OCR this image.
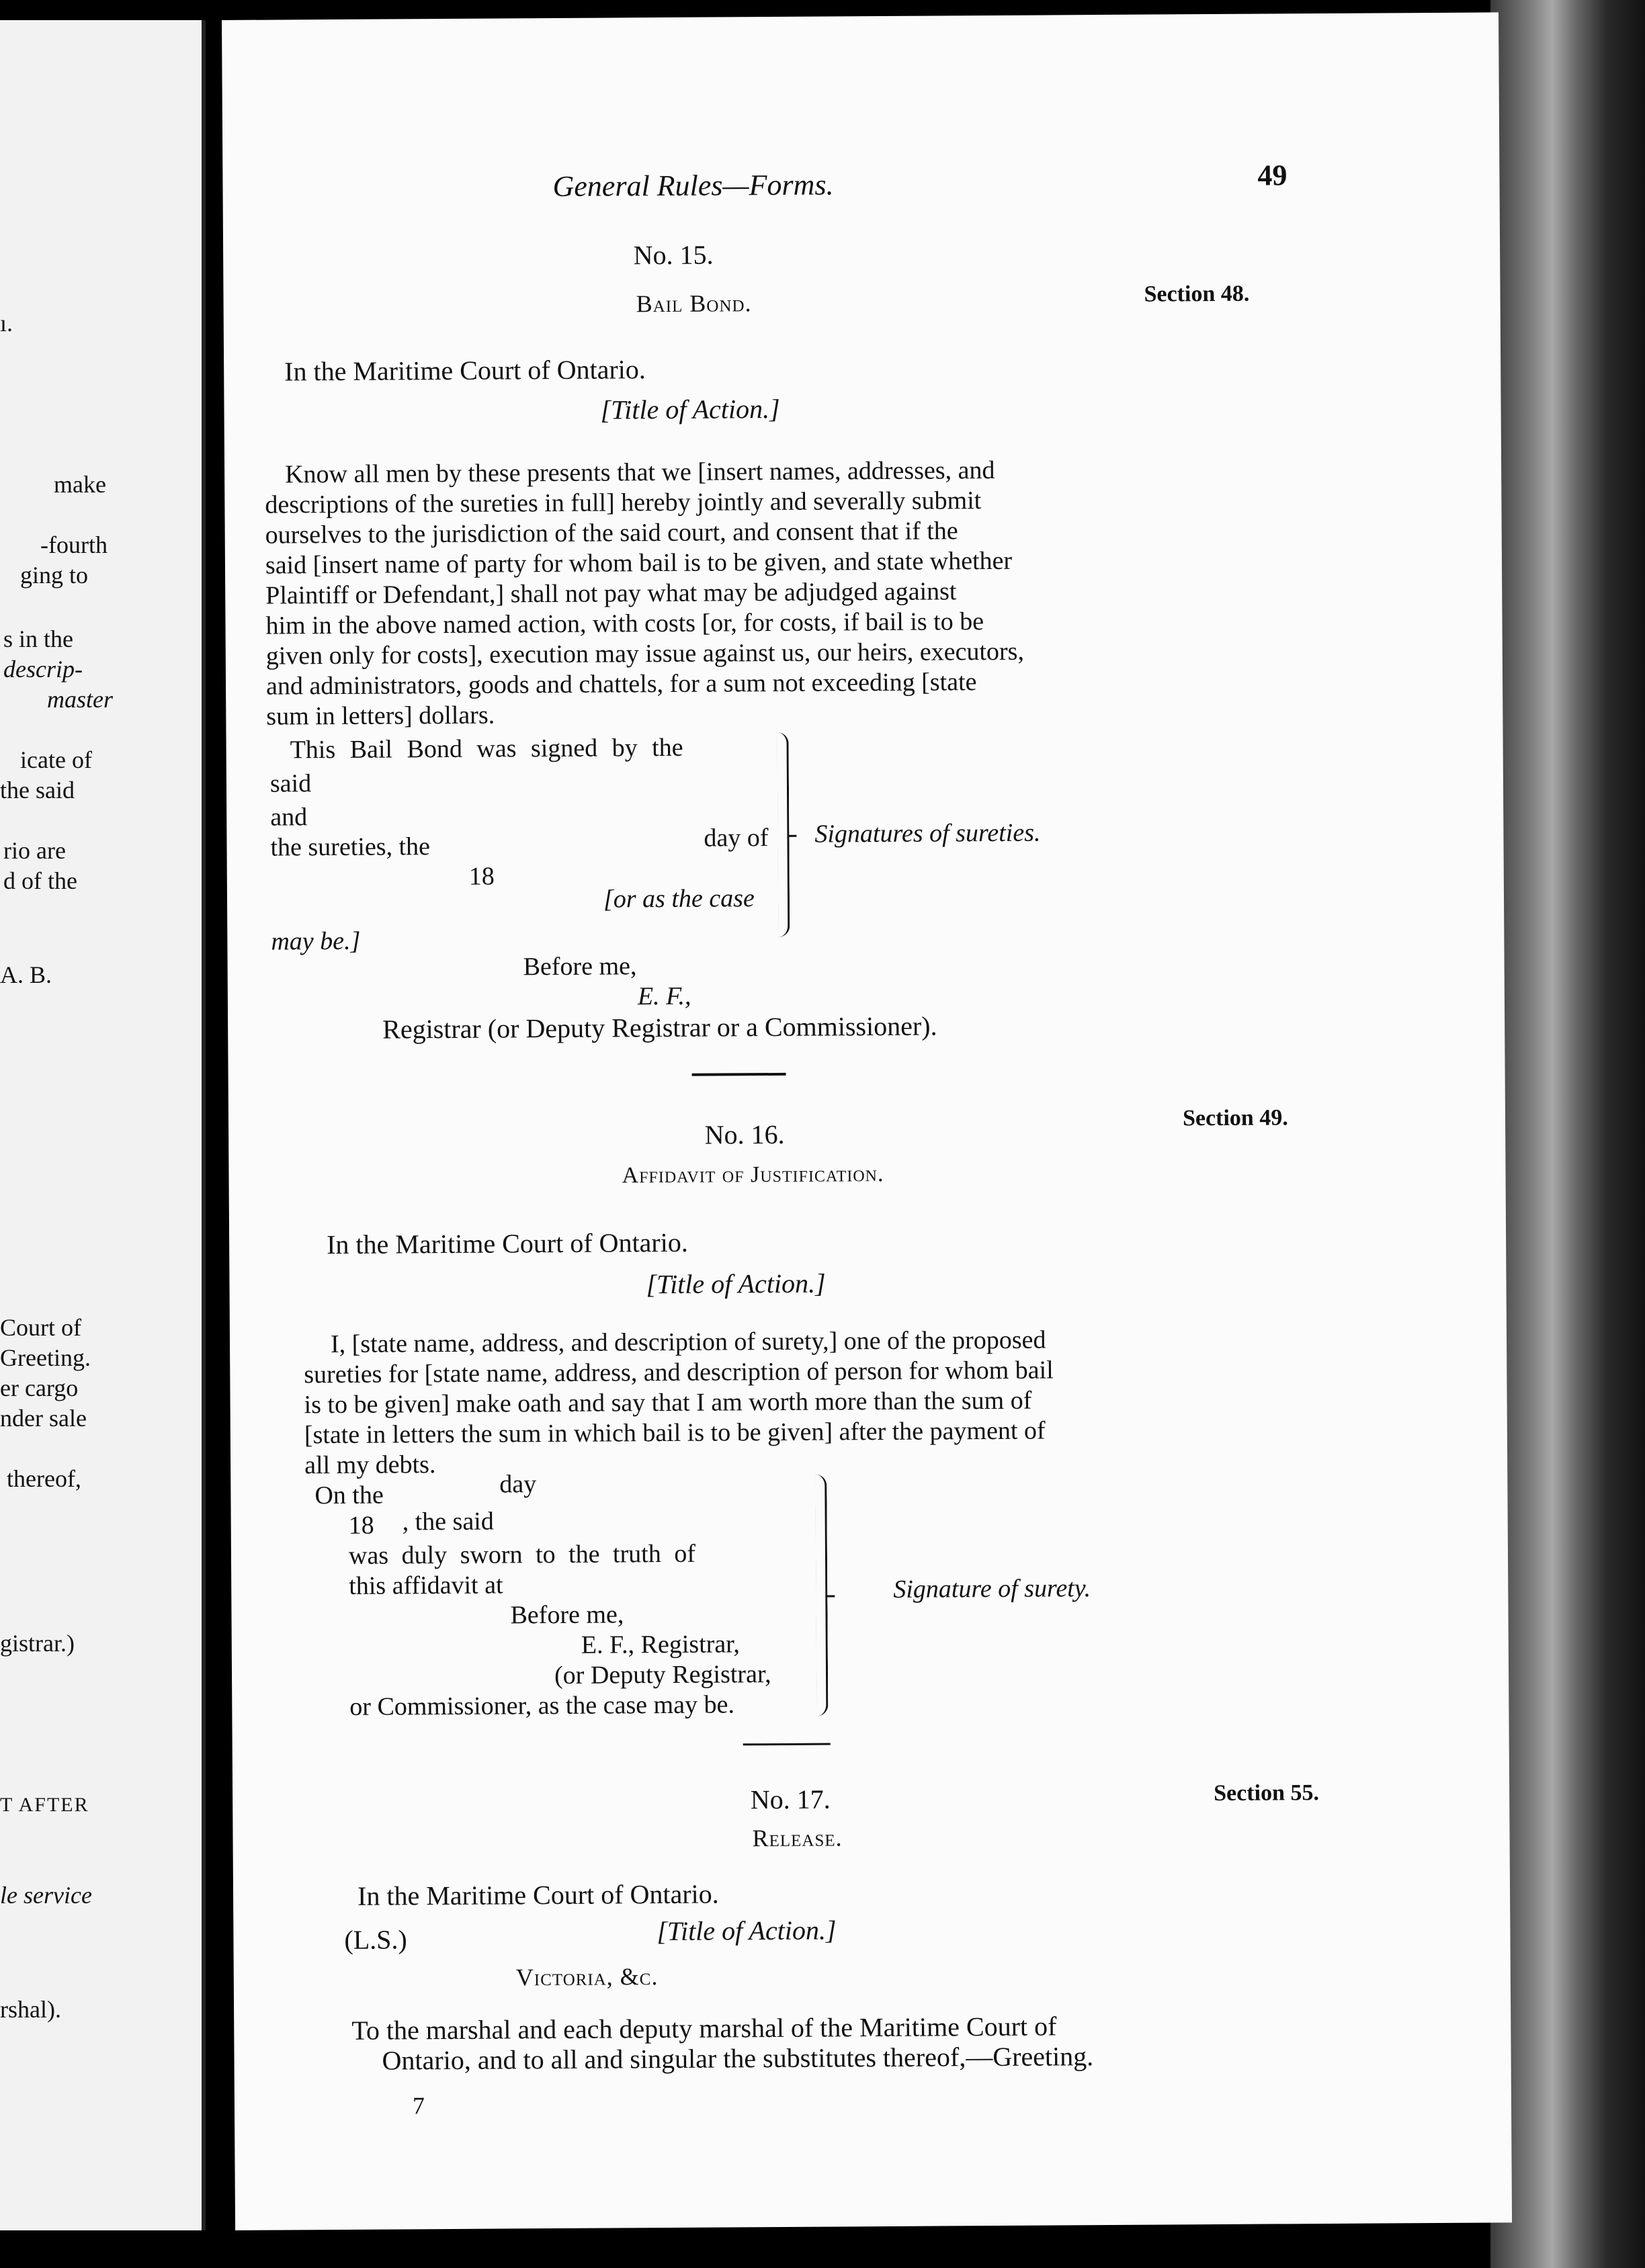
ı.
make
-fourth
ging to
s in the
descrip-
master
icate of
the said
rio are
d of the
A. B.
Court of
Greeting.
er cargo
nder sale
thereof,
gistrar.)
T AFTER
le service
rshal).
General Rules—Forms.	49
No. 15.
Bail Bond.	Section 48.
In the Maritime Court of Ontario.
[Title of Action.]
Know all men by these presents that we [insert names, addresses, and
descriptions of the sureties in full] hereby jointly and severally submit
ourselves to the jurisdiction of the said court, and consent that if the
said [insert name of party for whom bail is to be given, and state whether
Plaintiff or Defendant,] shall not pay what may be adjudged against
him in the above named action, with costs [or, for costs, if bail is to be
given only for costs], execution may issue against us, our heirs, executors,
and administrators, goods and chattels, for a sum not exceeding [state
sum in letters] dollars.
This Bail Bond was signed by the
said
and
the sureties, the	day of
18
[or as the case
may be.]
Signatures of sureties.
Before me,
E. F.,
Registrar (or Deputy Registrar or a Commissioner).
No. 16.
Affidavit of Justification.
Section 49.
In the Maritime Court of Ontario.
[Title of Action.]
I, [state name, address, and description of surety,] one of the proposed
sureties for [state name, address, and description of person for whom bail
is to be given] make oath and say that I am worth more than the sum of
[state in letters the sum in which bail is to be given] after the payment of
all my debts.
On the	day
18 , the said
was duly sworn to the truth of
this affidavit at
Before me,
E. F., Registrar,
(or Deputy Registrar,
or Commissioner, as the case may be.
Signature of surety.
No. 17.
Release.
Section 55.
In the Maritime Court of Ontario.
(L.S.)	[Title of Action.]
Victoria, &c.
To the marshal and each deputy marshal of the Maritime Court of
Ontario, and to all and singular the substitutes thereof,—Greeting.
7
